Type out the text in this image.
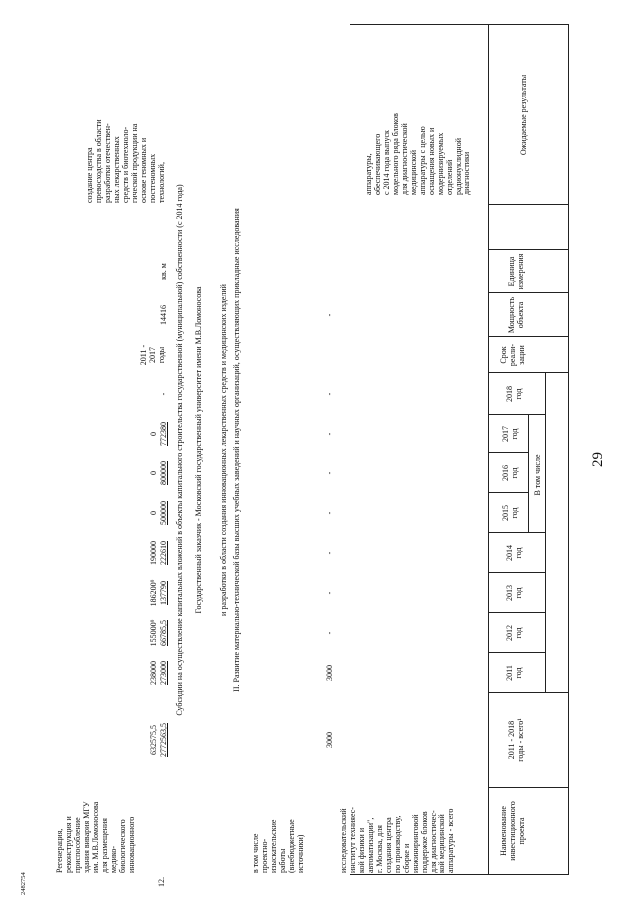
29
Наименование
инвестиционного
проекта
2011 - 2018
годы - всего¹
В том числе
2011
год
2012
год
2013
год
2014
год
2015
год
2016
год
2017
год
2018
год
Срок
реали-
зации
Мощность
объекта
Единица
измерения
Ожидаемые результаты
исследовательский
институт технияес-
кой физики и
автоматизации",
г. Москва, для
создания центра
по производству,
сборке и
инжиниринговой
поддержке блоков
для диагностичес-
кой медицинской
аппаратуры - всего
аппаратуры,
обеспечивающего
с 2014 года выпуск
модельного ряда блоков
для диагностической
медицинской
аппаратуры с целью
оснащения новых и
модернизируемых
отделений
радионуклидной
диагностики
в том числе
проектно-
изыскательские
работы
(внебюджетные
источники)
3000
3000
-
-
-
-
-
-
-
-
II. Развитие материально-технической базы высших учебных заведений и научных организаций, осуществляющих прикладные исследования
и разработки в области создания инновационных лекарственных средств и медицинских изделий
Государственный заказчик - Московский государственный университет имени М.В.Ломоносова
Субсидии на осуществление капитальных вложений в объекты капитального строительства государственной (муниципальной) собственности (с 2014 года)
12.
Регенерация,
реконструкция и
приспособление
здания вивария МГУ
им. М.В.Ломоносова
для размещения
медико-
биологического
инновационного
2772563,5
632575,5
273000
238000
66785,5
155000⁹
137790
186200⁹
222610
190000
500000
0
800000
0
772380
0
-
2011 -
2017
годы
14416
кв. м
создание центра
превосходства в области
разработки отечествен-
ных лекарственных
средств и биотехноло-
гической продукции на
основе геномных и
постгеномных
технологий,
2482754
